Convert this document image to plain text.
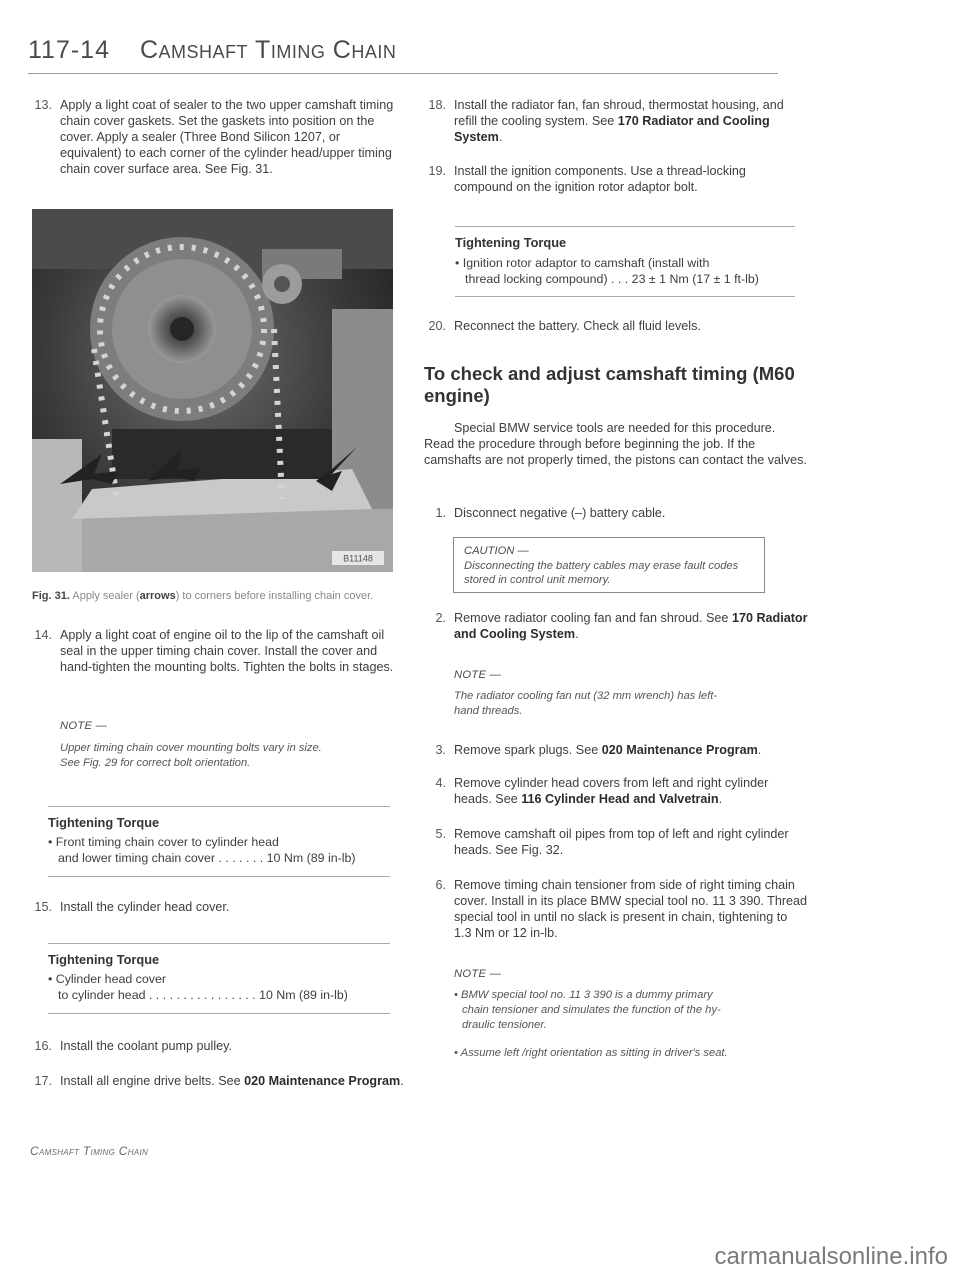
117-14 Camshaft Timing Chain
13. Apply a light coat of sealer to the two upper camshaft timing chain cover gaskets. Set the gaskets into position on the cover. Apply a sealer (Three Bond Silicon 1207, or equivalent) to each corner of the cylinder head/upper timing chain cover surface area. See Fig. 31.
B11148
Fig. 31. Apply sealer (arrows) to corners before installing chain cover.
14. Apply a light coat of engine oil to the lip of the camshaft oil seal in the upper timing chain cover. Install the cover and hand-tighten the mounting bolts. Tighten the bolts in stages.
NOTE —
Upper timing chain cover mounting bolts vary in size.
See Fig. 29 for correct bolt orientation.
Tightening Torque
• Front timing chain cover to cylinder head
and lower timing chain cover . . . . . . . 10 Nm (89 in-lb)
15. Install the cylinder head cover.
Tightening Torque
• Cylinder head cover
to cylinder head . . . . . . . . . . . . . . . . 10 Nm (89 in-lb)
16. Install the coolant pump pulley.
17. Install all engine drive belts. See 020 Maintenance Program.
18. Install the radiator fan, fan shroud, thermostat housing, and refill the cooling system. See 170 Radiator and Cooling System.
19. Install the ignition components. Use a thread-locking compound on the ignition rotor adaptor bolt.
Tightening Torque
• Ignition rotor adaptor to camshaft (install with
thread locking compound) . . . 23 ± 1 Nm (17 ± 1 ft-lb)
20. Reconnect the battery. Check all fluid levels.
To check and adjust camshaft timing (M60 engine)
Special BMW service tools are needed for this procedure. Read the procedure through before beginning the job. If the camshafts are not properly timed, the pistons can contact the valves.
1. Disconnect negative (–) battery cable.
CAUTION —
Disconnecting the battery cables may erase fault codes stored in control unit memory.
2. Remove radiator cooling fan and fan shroud. See 170 Radiator and Cooling System.
NOTE —
The radiator cooling fan nut (32 mm wrench) has left-
hand threads.
3. Remove spark plugs. See 020 Maintenance Program.
4. Remove cylinder head covers from left and right cylinder heads. See 116 Cylinder Head and Valvetrain.
5. Remove camshaft oil pipes from top of left and right cylinder heads. See Fig. 32.
6. Remove timing chain tensioner from side of right timing chain cover. Install in its place BMW special tool no. 11 3 390. Thread special tool in until no slack is present in chain, tightening to 1.3 Nm or 12 in-lb.
NOTE —
• BMW special tool no. 11 3 390 is a dummy primary
chain tensioner and simulates the function of the hy-
draulic tensioner.
• Assume left /right orientation as sitting in driver's seat.
Camshaft Timing Chain
carmanualsonline.info
